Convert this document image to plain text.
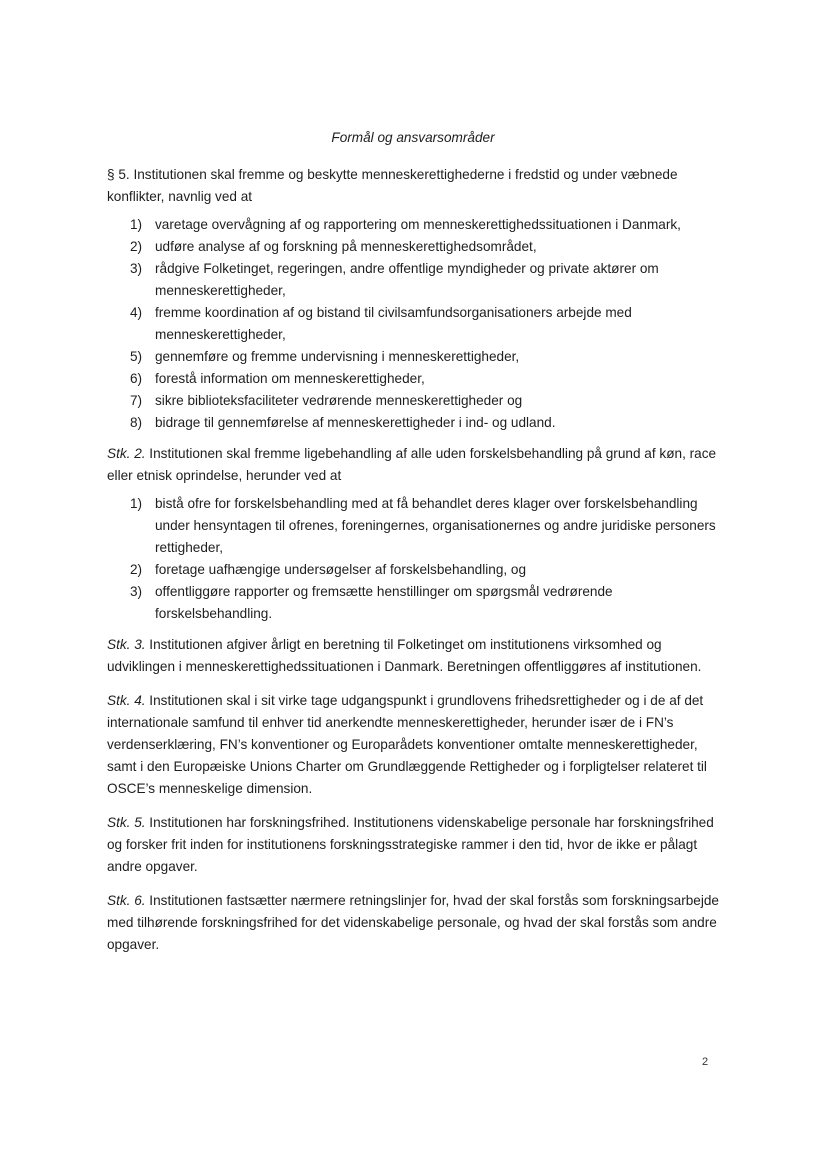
Formål og ansvarsområder

§ 5. Institutionen skal fremme og beskytte menneskerettighederne i fredstid og under væbnede konflikter, navnlig ved at

1) varetage overvågning af og rapportering om menneskerettighedssituationen i Danmark,
2) udføre analyse af og forskning på menneskerettighedsområdet,
3) rådgive Folketinget, regeringen, andre offentlige myndigheder og private aktører om menneskerettigheder,
4) fremme koordination af og bistand til civilsamfundsorganisationers arbejde med menneskerettigheder,
5) gennemføre og fremme undervisning i menneskerettigheder,
6) forestå information om menneskerettigheder,
7) sikre biblioteksfaciliteter vedrørende menneskerettigheder og
8) bidrage til gennemførelse af menneskerettigheder i ind- og udland.

Stk. 2. Institutionen skal fremme ligebehandling af alle uden forskelsbehandling på grund af køn, race eller etnisk oprindelse, herunder ved at

1) bistå ofre for forskelsbehandling med at få behandlet deres klager over forskelsbehandling under hensyntagen til ofrenes, foreningernes, organisationernes og andre juridiske personers rettigheder,
2) foretage uafhængige undersøgelser af forskelsbehandling, og
3) offentliggøre rapporter og fremsætte henstillinger om spørgsmål vedrørende forskelsbehandling.

Stk. 3. Institutionen afgiver årligt en beretning til Folketinget om institutionens virksomhed og udviklingen i menneskerettighedssituationen i Danmark. Beretningen offentliggøres af institutionen.

Stk. 4. Institutionen skal i sit virke tage udgangspunkt i grundlovens frihedsrettigheder og i de af det internationale samfund til enhver tid anerkendte menneskerettigheder, herunder især de i FN’s verdenserklæring, FN’s konventioner og Europarådets konventioner omtalte menneskerettigheder, samt i den Europæiske Unions Charter om Grundlæggende Rettigheder og i forpligtelser relateret til OSCE’s menneskelige dimension.

Stk. 5. Institutionen har forskningsfrihed. Institutionens videnskabelige personale har forskningsfrihed og forsker frit inden for institutionens forskningsstrategiske rammer i den tid, hvor de ikke er pålagt andre opgaver.

Stk. 6. Institutionen fastsætter nærmere retningslinjer for, hvad der skal forstås som forskningsarbejde med tilhørende forskningsfrihed for det videnskabelige personale, og hvad der skal forstås som andre opgaver.

2
